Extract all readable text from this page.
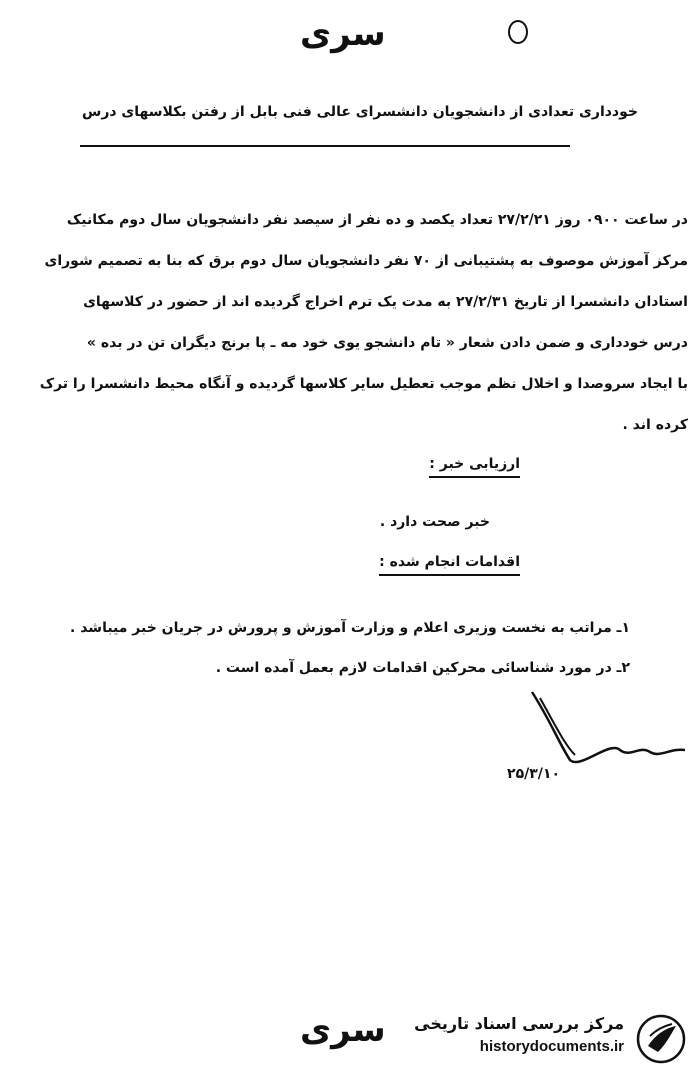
سری
خودداری تعدادی از دانشجویان دانشسرای عالی فنی بابل از رفتن بکلاسهای درس
در ساعت ۰۹۰۰ روز ۲۷/۲/۲۱ تعداد یکصد و ده نفر از سیصد نفر دانشجویان سال دوم مکانیک
مرکز آموزش موصوف به پشتیبانی از ۷۰ نفر دانشجویان سال دوم برق که بنا به تصمیم شورای
استادان دانشسرا از تاریخ ۲۷/۲/۳۱ به مدت یک ترم اخراج گردیده اند از حضور در کلاسهای
درس خودداری و ضمن دادن شعار « تام دانشجو یوی خود مه ـ پا برنج دیگران تن در بده »
با ایجاد سروصدا و اخلال نظم موجب تعطیل سایر کلاسها گردیده و آنگاه محیط دانشسرا را ترک
کرده اند .
ارزیابی خبر :
خبر صحت دارد .
اقدامات انجام شده :
۱ـ مراتب به نخست وزیری اعلام و وزارت آموزش و پرورش در جریان خبر میباشد .
۲ـ در مورد شناسائی محرکین اقدامات لازم بعمل آمده است .
۲۵/۳/۱۰
سری مرکز بررسی اسناد تاریخی
historydocuments.ir
